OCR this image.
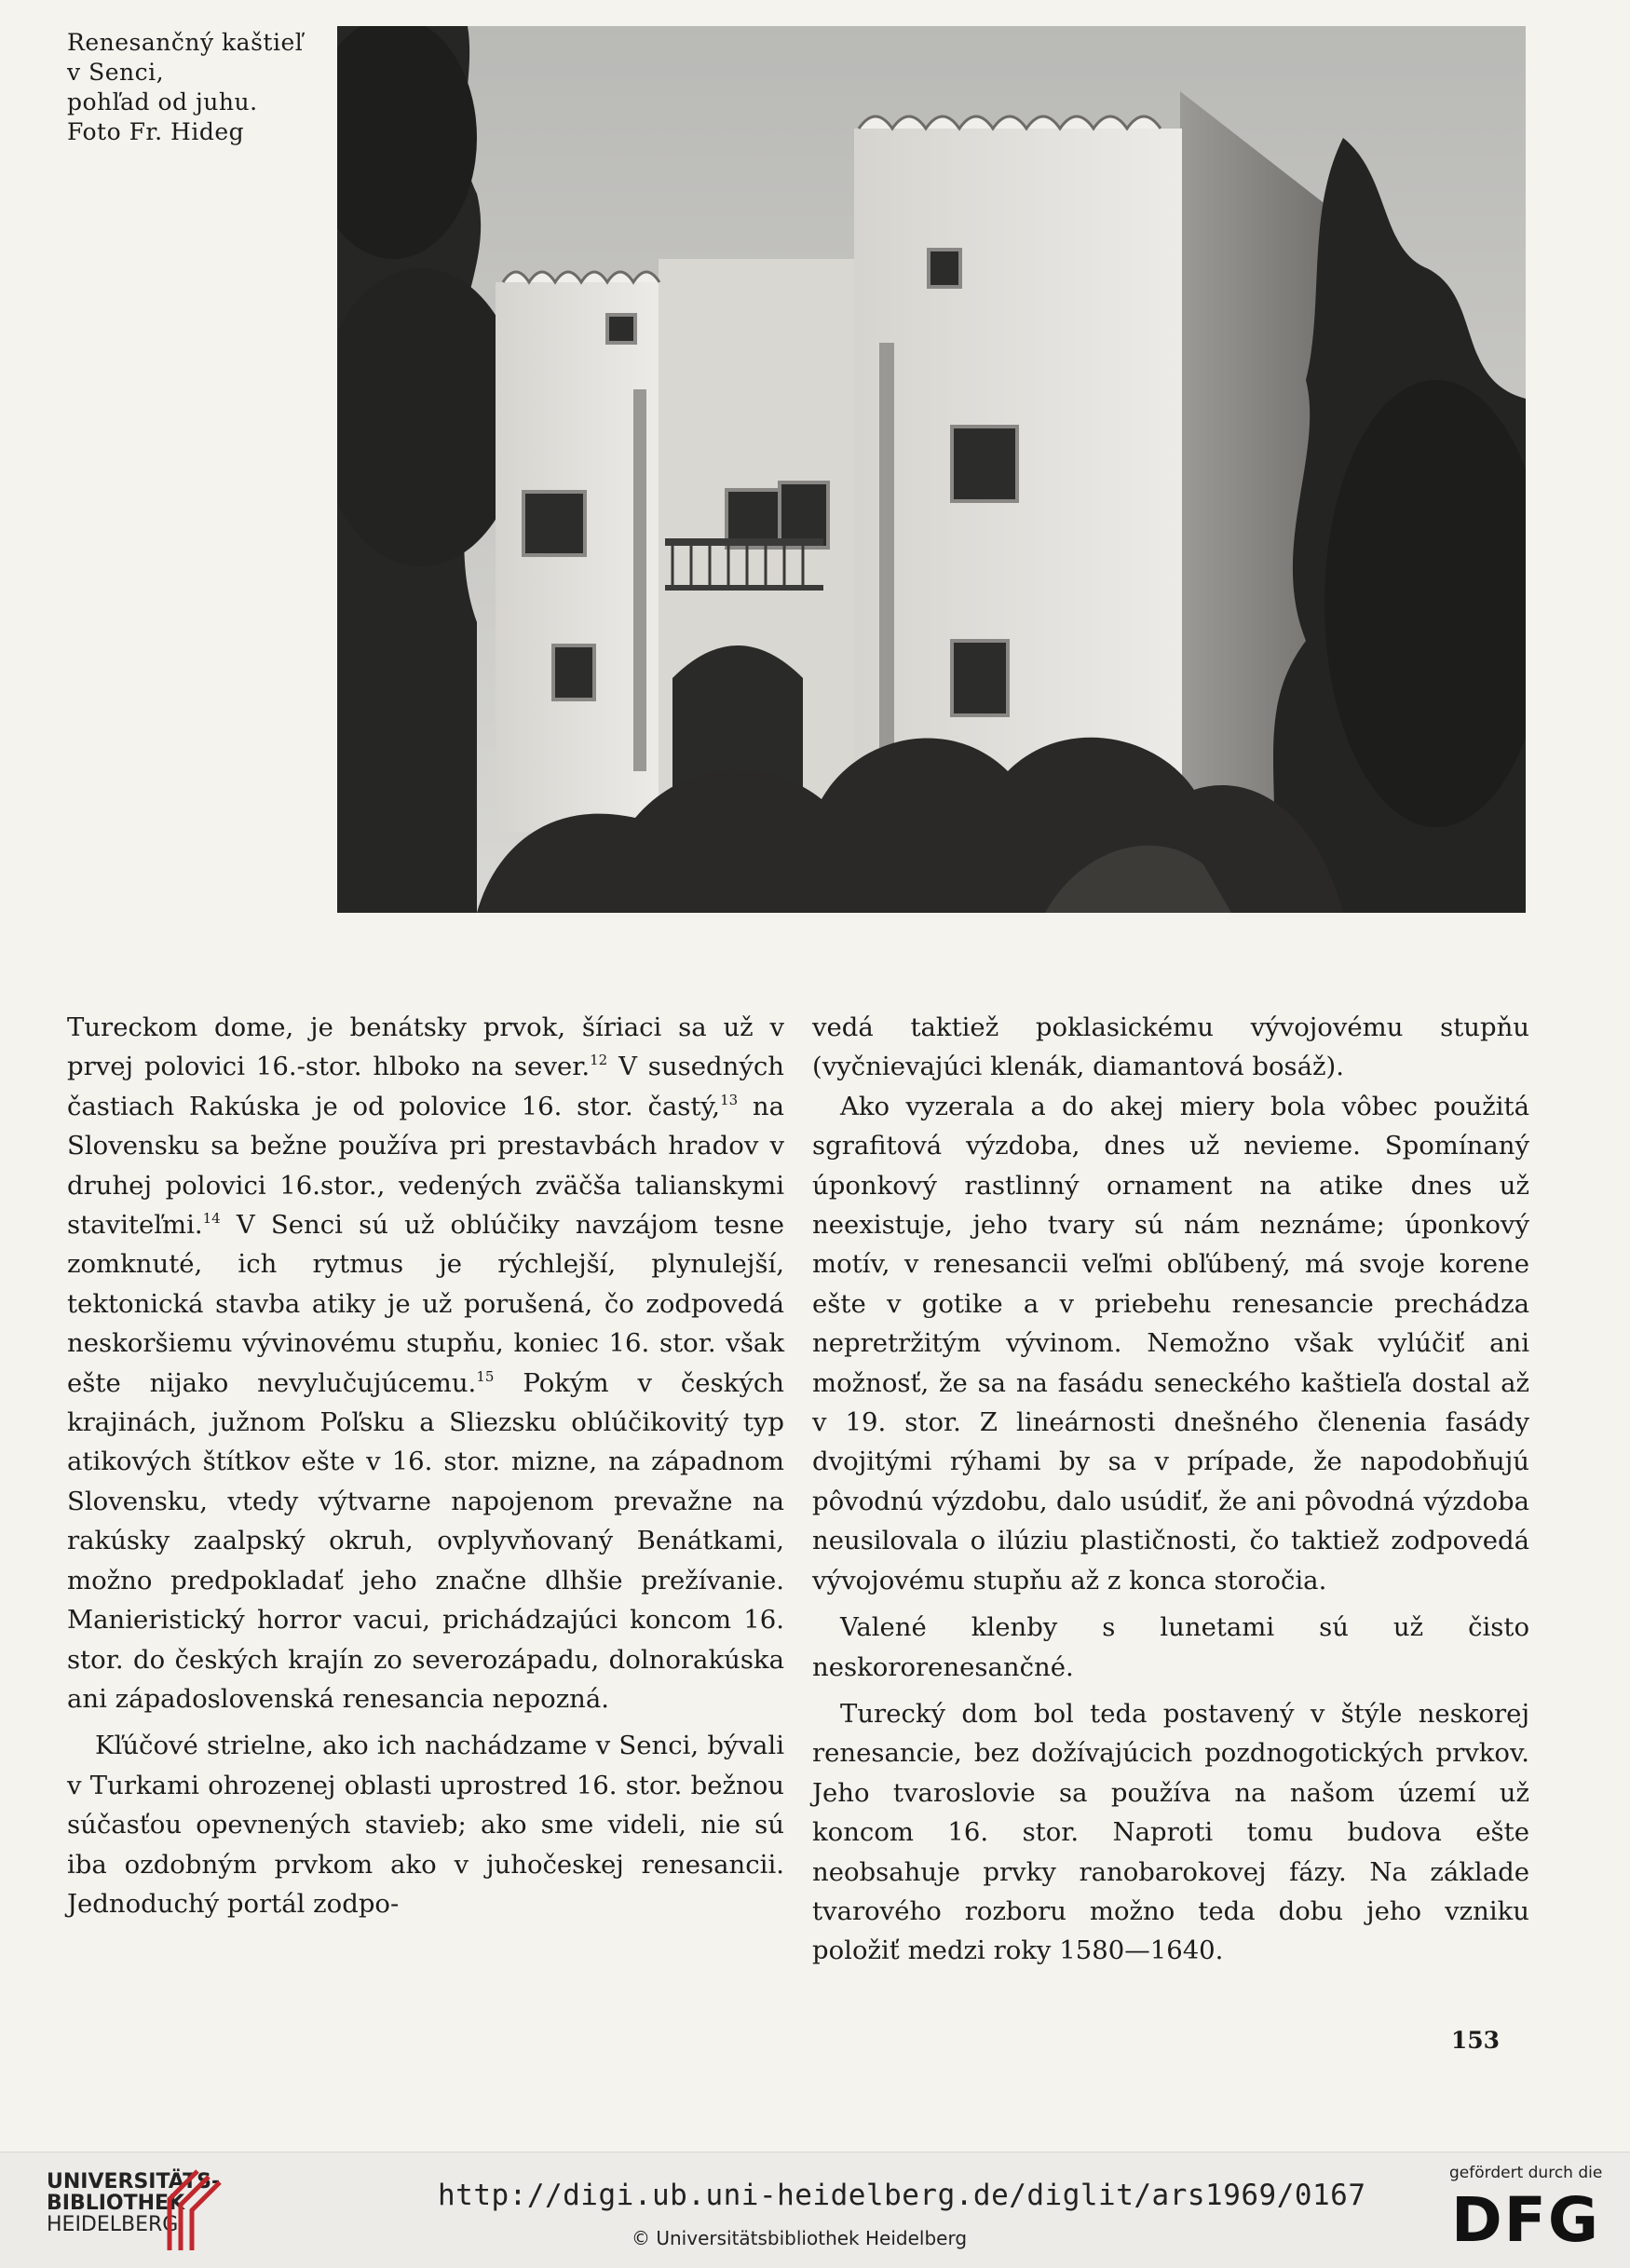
Renesančný kaštieľ
v Senci,
pohľad od juhu.
Foto Fr. Hideg

Tureckom dome, je benátsky prvok, šíriaci sa už v prvej polovici 16.-stor. hlboko na sever.$^{12}$ V susedných častiach Rakúska je od polovice 16. stor. častý,$^{13}$ na Slovensku sa bežne používa pri prestavbách hradov v druhej polovici 16.stor., vedených zväčša talianskymi staviteľmi.$^{14}$ V Senci sú už oblúčiky navzájom tesne zomknuté, ich rytmus je rýchlejší, plynulejší, tektonická stavba atiky je už porušená, čo zodpovedá neskoršiemu vývinovému stupňu, koniec 16. stor. však ešte nijako nevylučujúcemu.$^{15}$ Pokým v českých krajinách, južnom Poľsku a Sliezsku oblúčikovitý typ atikových štítkov ešte v 16. stor. mizne, na západnom Slovensku, vtedy výtvarne napojenom prevažne na rakúsky zaalpský okruh, ovplyvňovaný Benátkami, možno predpokladať jeho značne dlhšie prežívanie. Manieristický horror vacui, prichádzajúci koncom 16. stor. do českých krajín zo severozápadu, dolnorakúska ani západoslovenská renesancia nepozná.

Kľúčové strielne, ako ich nachádzame v Senci, bývali v Turkami ohrozenej oblasti uprostred 16. stor. bežnou súčasťou opevnených stavieb; ako sme videli, nie sú iba ozdobným prvkom ako v juhočeskej renesancii. Jednoduchý portál zodpo-

vedá taktiež poklasickému vývojovému stupňu (vyčnievajúci klenák, diamantová bosáž).

Ako vyzerala a do akej miery bola vôbec použitá sgrafitová výzdoba, dnes už nevieme. Spomínaný úponkový rastlinný ornament na atike dnes už neexistuje, jeho tvary sú nám neznáme; úponkový motív, v renesancii veľmi obľúbený, má svoje korene ešte v gotike a v priebehu renesancie prechádza nepretržitým vývinom. Nemožno však vylúčiť ani možnosť, že sa na fasádu seneckého kaštieľa dostal až v 19. stor. Z lineárnosti dnešného členenia fasády dvojitými rýhami by sa v prípade, že napodobňujú pôvodnú výzdobu, dalo usúdiť, že ani pôvodná výzdoba neusilovala o ilúziu plastičnosti, čo taktiež zodpovedá vývojovému stupňu až z konca storočia.

Valené klenby s lunetami sú už čisto neskororenesančné.

Turecký dom bol teda postavený v štýle neskorej renesancie, bez dožívajúcich pozdnogotických prvkov. Jeho tvaroslovie sa používa na našom území už koncom 16. stor. Naproti tomu budova ešte neobsahuje prvky ranobarokovej fázy. Na základe tvarového rozboru možno teda dobu jeho vzniku položiť medzi roky 1580—1640.

153
UNIVERSITÄTS-
BIBLIOTHEK
HEIDELBERG
http://digi.ub.uni-heidelberg.de/diglit/ars1969/0167
© Universitätsbibliothek Heidelberg
gefördert durch die
DFG
